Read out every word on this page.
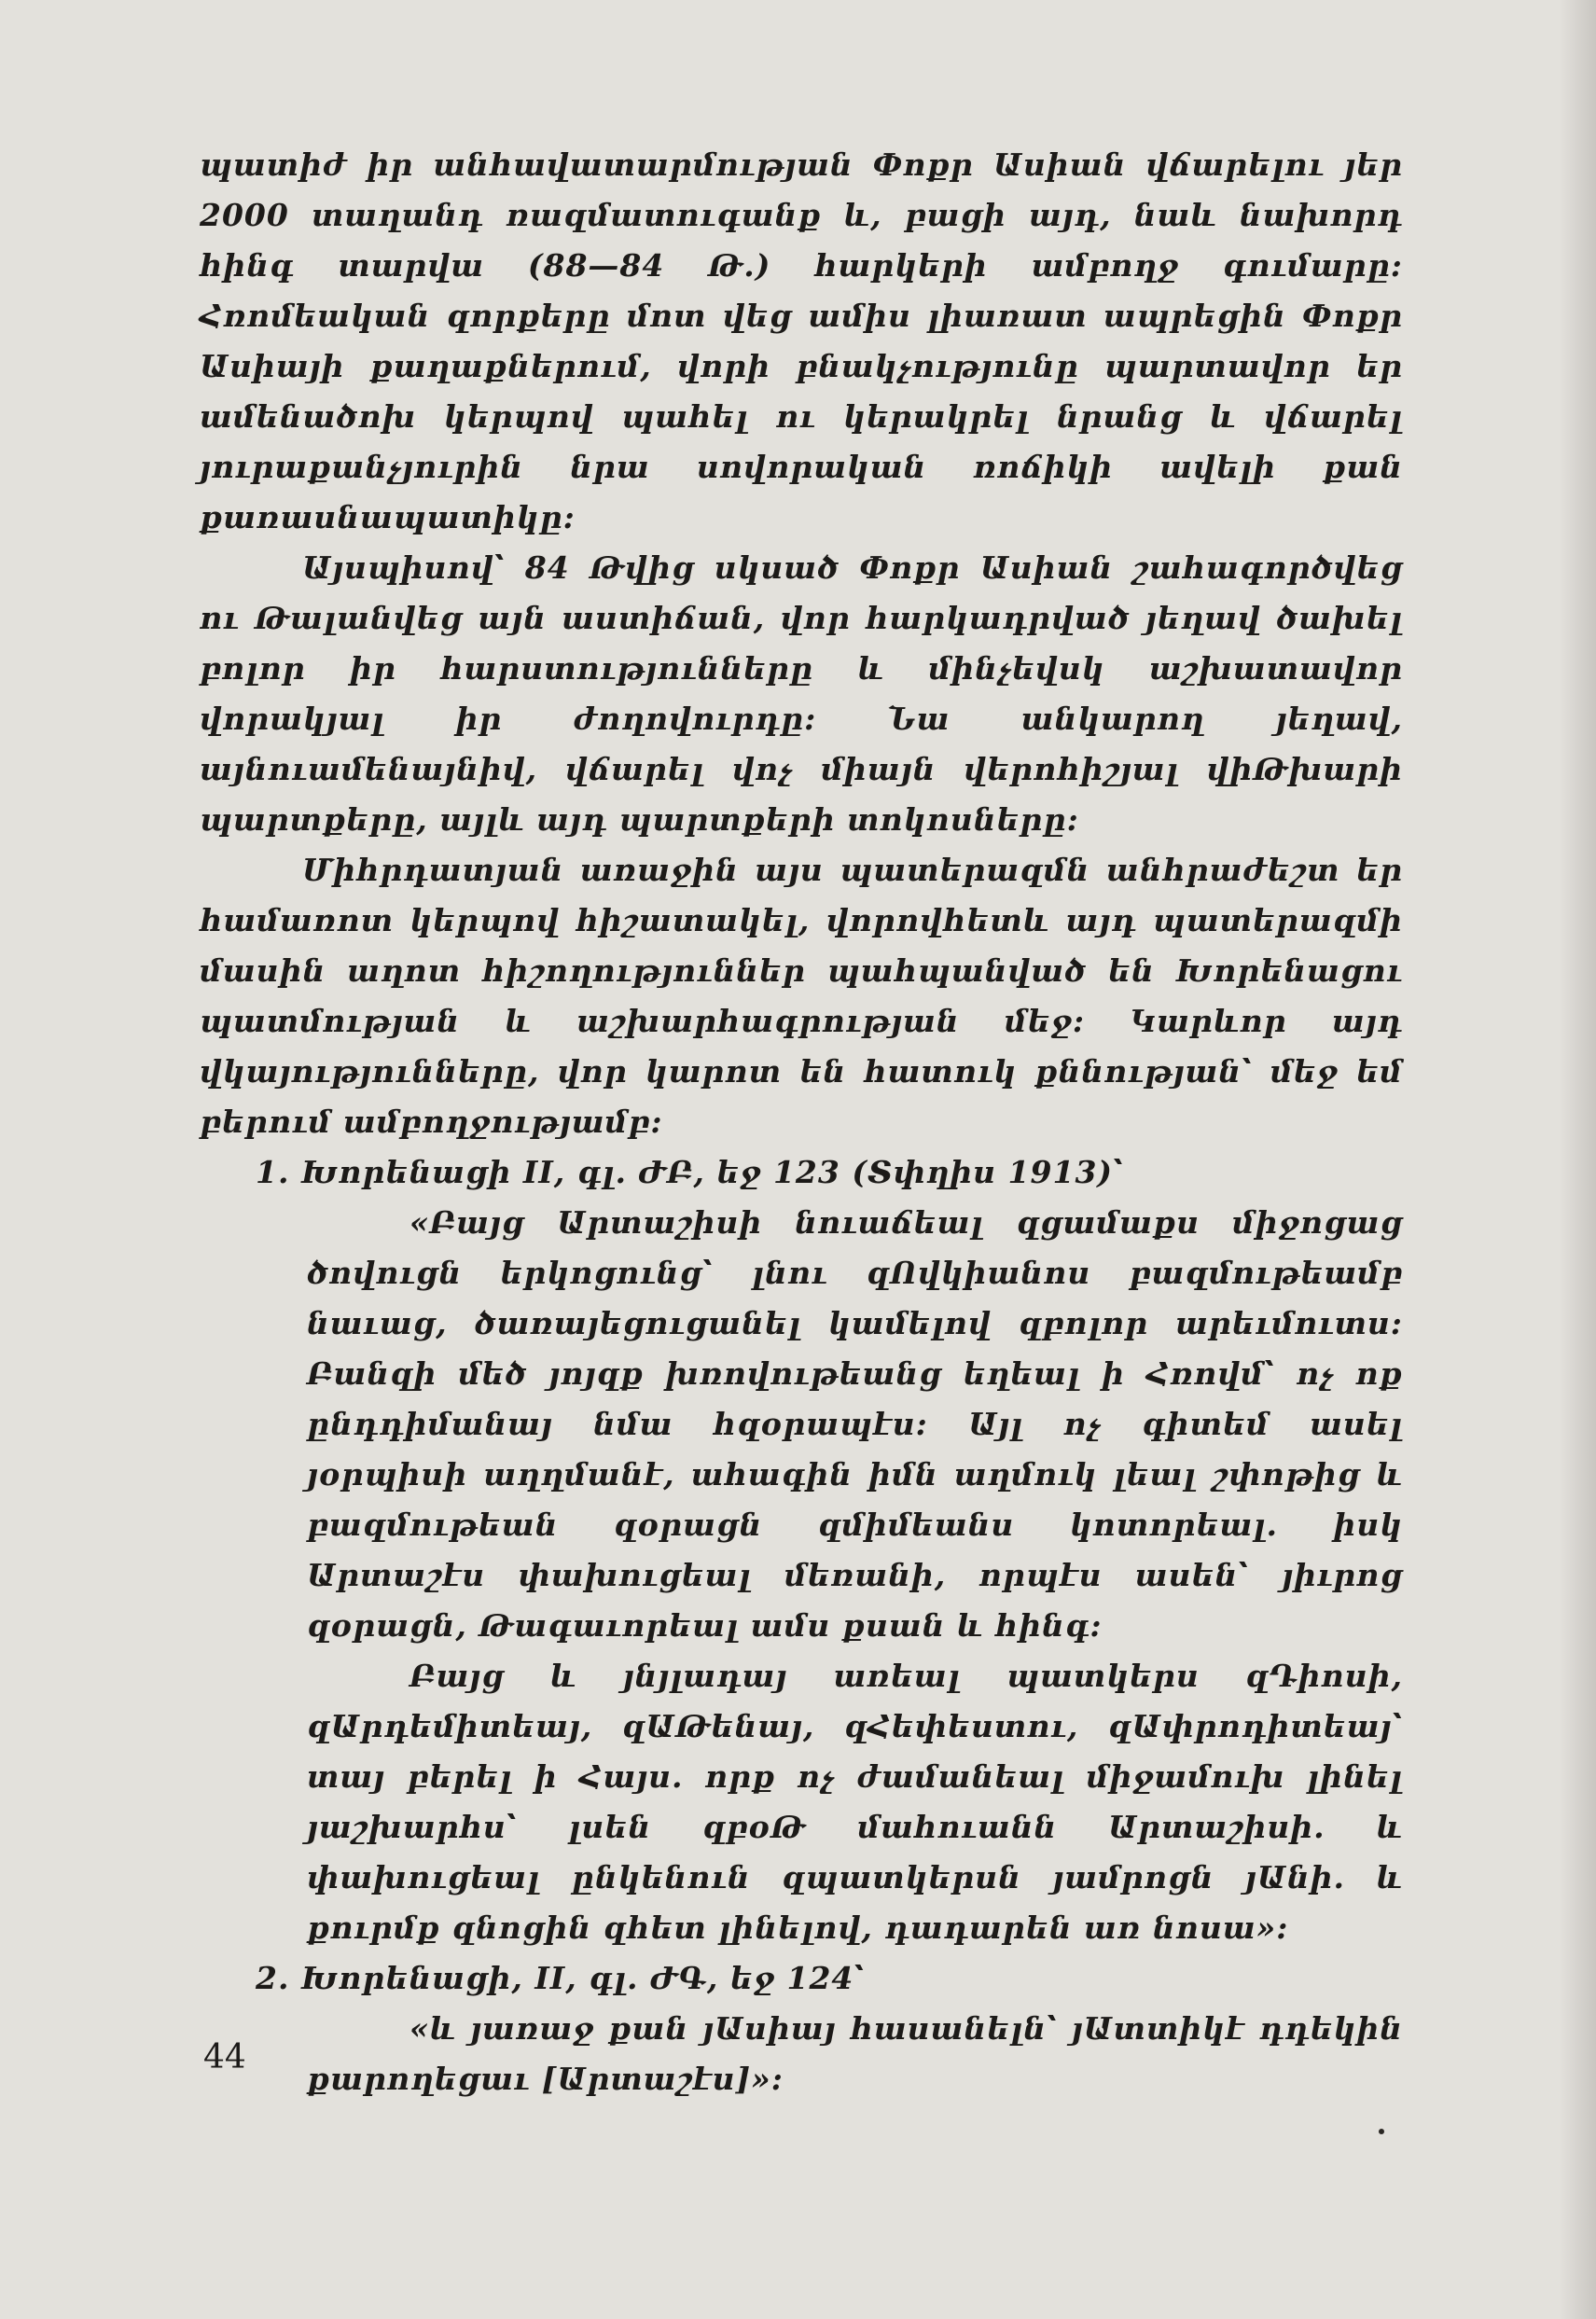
պատիժ իր անհավատարմության Փոքր Ասիան վճարելու յեր 2000 տաղանդ ռազմատուգանք և, բացի այդ, նաև նախորդ հինգ տարվա (88—84 Թ.) հարկերի ամբողջ գումարը: Հռոմեական զորքերը մոտ վեց ամիս լիառատ ապրեցին Փոքր Ասիայի քաղաքներում, վորի բնակչությունը պարտավոր եր ամենածոխ կերպով պահել ու կերակրել նրանց և վճարել յուրաքանչյուրին նրա սովորական ռոճիկի ավելի քան քառասնապատիկը:

Այսպիսով՝ 84 Թվից սկսած Փոքր Ասիան շահագործվեց ու Թալանվեց այն աստիճան, վոր հարկադրված յեղավ ծախել բոլոր իր հարստությունները և մինչեվսկ աշխատավոր վորակյալ իր ժողովուրդը: Նա անկարող յեղավ, այնուամենայնիվ, վճարել վոչ միայն վերոհիշյալ վիԹխարի պարտքերը, այլև այդ պարտքերի տոկոսները:

Միհրդատյան առաջին այս պատերազմն անհրաժեշտ եր համառոտ կերպով հիշատակել, վորովհետև այդ պատերազմի մասին աղոտ հիշողություններ պահպանված են Խորենացու պատմության և աշխարհագրության մեջ: Կարևոր այդ վկայությունները, վոր կարոտ են հատուկ քննության՝ մեջ եմ բերում ամբողջությամբ:

1. Խորենացի II, գլ. ԺԲ, եջ 123 (Տփղիս 1913)՝

«Բայց Արտաշիսի նուաճեալ զցամաքս միջոցաց ծովուցն երկոցունց՝ լնու զՈվկիանոս բազմութեամբ նաւաց, ծառայեցուցանել կամելով զբոլոր արեւմուտս: Բանզի մեծ յոյզք խռովութեանց եղեալ ի Հռովմ՝ ոչ ոք ընդդիմանայ նմա հզօրապէս: Այլ ոչ գիտեմ ասել յօրպիսի աղղմանէ, ահագին իմն աղմուկ լեալ շփոթից և բազմութեան զօրացն զմիմեանս կոտորեալ. իսկ Արտաշէս փախուցեալ մեռանի, որպէս ասեն՝ յիւրոց զօրացն, Թագաւորեալ ամս քսան և հինգ:

Բայց և յնյլադայ առեալ պատկերս զԴիոսի, զԱրդեմիտեայ, զԱԹենայ, զՀեփեստու, զԱփրոդիտեայ՝ տայ բերել ի Հայս. որք ոչ ժամանեալ միջամուխ լինել յաշխարհս՝ լսեն զբօԹ մահուանն Արտաշիսի. և փախուցեալ ընկենուն զպատկերսն յամրոցն յԱնի. և քուրմք զնոցին զհետ լինելով, դադարեն առ նոսա»:

2. Խորենացի, II, գլ. ԺԳ, եջ 124՝

«և յառաջ քան յԱսիայ հասանելն՝ յԱտտիկէ դդեկին քարողեցաւ [Արտաշէս]»:

44
